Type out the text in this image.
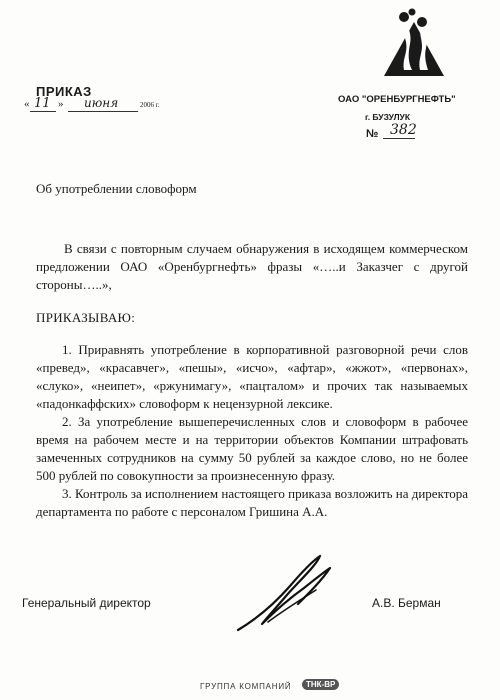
ПРИКАЗ
« 11 » июня	2006 г.	ОАО "ОРЕНБУРГНЕФТЬ"
г. БУЗУЛУК
№ 382
Об употреблении словоформ
В связи с повторным случаем обнаружения в исходящем коммерческом предложении ОАО «Оренбургнефть» фразы «…..и Заказчег с другой стороны…..»,
ПРИКАЗЫВАЮ:

1. Приравнять употребление в корпоративной разговорной речи слов «превед», «красавчег», «пешы», «исчо», «афтар», «жжот», «первонах», «слуко», «неипет», «ржунимагу», «пацталом» и прочих так называемых «падонкаффских» словоформ к нецензурной лексике.

2. За употребление вышеперечисленных слов и словоформ в рабочее время на рабочем месте и на территории объектов Компании штрафовать замеченных сотрудников на сумму 50 рублей за каждое слово, но не более 500 рублей по совокупности за произнесенную фразу.

3. Контроль за исполнением настоящего приказа возложить на директора департамента по работе с персоналом Гришина А.А.

Генеральный директор	А.В. Берман
ГРУППА КОМПАНИЙ	ТНК-ВР
